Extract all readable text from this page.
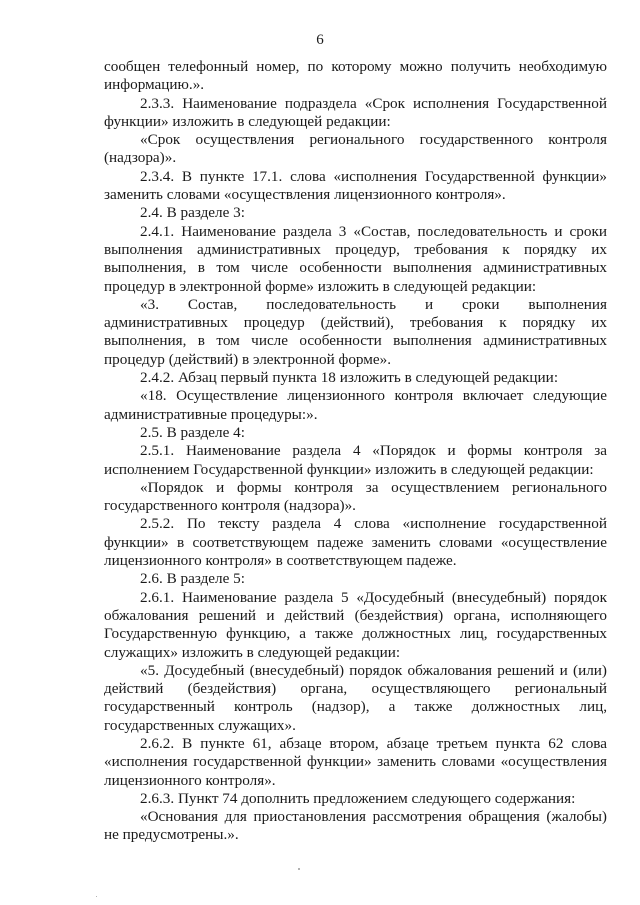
6

сообщен телефонный номер, по которому можно получить необходимую информацию.».

2.3.3. Наименование подраздела «Срок исполнения Государственной функции» изложить в следующей редакции:

«Срок осуществления регионального государственного контроля (надзора)».

2.3.4. В пункте 17.1. слова «исполнения Государственной функции» заменить словами «осуществления лицензионного контроля».

2.4. В разделе 3:

2.4.1. Наименование раздела 3 «Состав, последовательность и сроки выполнения административных процедур, требования к порядку их выполнения, в том числе особенности выполнения административных процедур в электронной форме» изложить в следующей редакции:

«3. Состав, последовательность и сроки выполнения административных процедур (действий), требования к порядку их выполнения, в том числе особенности выполнения административных процедур (действий) в электронной форме».

2.4.2. Абзац первый пункта 18 изложить в следующей редакции:

«18. Осуществление лицензионного контроля включает следующие административные процедуры:».

2.5. В разделе 4:

2.5.1. Наименование раздела 4 «Порядок и формы контроля за исполнением Государственной функции» изложить в следующей редакции:

«Порядок и формы контроля за осуществлением регионального государственного контроля (надзора)».

2.5.2. По тексту раздела 4 слова «исполнение государственной функции» в соответствующем падеже заменить словами «осуществление лицензионного контроля» в соответствующем падеже.

2.6. В разделе 5:

2.6.1. Наименование раздела 5 «Досудебный (внесудебный) порядок обжалования решений и действий (бездействия) органа, исполняющего Государственную функцию, а также должностных лиц, государственных служащих» изложить в следующей редакции:

«5. Досудебный (внесудебный) порядок обжалования решений и (или) действий (бездействия) органа, осуществляющего региональный государственный контроль (надзор), а также должностных лиц, государственных служащих».

2.6.2. В пункте 61, абзаце втором, абзаце третьем пункта 62 слова «исполнения государственной функции» заменить словами «осуществления лицензионного контроля».

2.6.3. Пункт 74 дополнить предложением следующего содержания:

«Основания для приостановления рассмотрения обращения (жалобы) не предусмотрены.».
